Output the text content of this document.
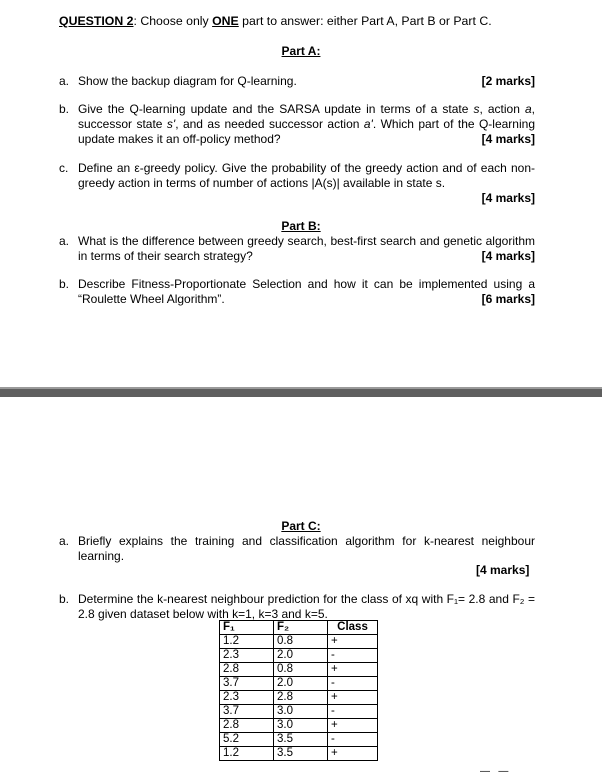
QUESTION 2: Choose only ONE part to answer: either Part A, Part B or Part C.
Part A:
a. Show the backup diagram for Q-learning.	[2 marks]
b. Give the Q-learning update and the SARSA update in terms of a state s, action a, successor state s', and as needed successor action a'. Which part of the Q-learning update makes it an off-policy method?	[4 marks]
c. Define an ε-greedy policy. Give the probability of the greedy action and of each non-greedy action in terms of number of actions |A(s)| available in state s.
[4 marks]
Part B:
a. What is the difference between greedy search, best-first search and genetic algorithm in terms of their search strategy?	[4 marks]
b. Describe Fitness-Proportionate Selection and how it can be implemented using a “Roulette Wheel Algorithm”.	[6 marks]
Part C:
a. Briefly explains the training and classification algorithm for k-nearest neighbour learning.
[4 marks]
b. Determine the k-nearest neighbour prediction for the class of xq with F₁= 2.8 and F₂ = 2.8 given dataset below with k=1, k=3 and k=5.
F₁	F₂	Class
1.2	0.8	+
2.3	2.0	-
2.8	0.8	+
3.7	2.0	-
2.3	2.8	+
3.7	3.0	-
2.8	3.0	+
5.2	3.5	-
1.2	3.5	+
—   —
